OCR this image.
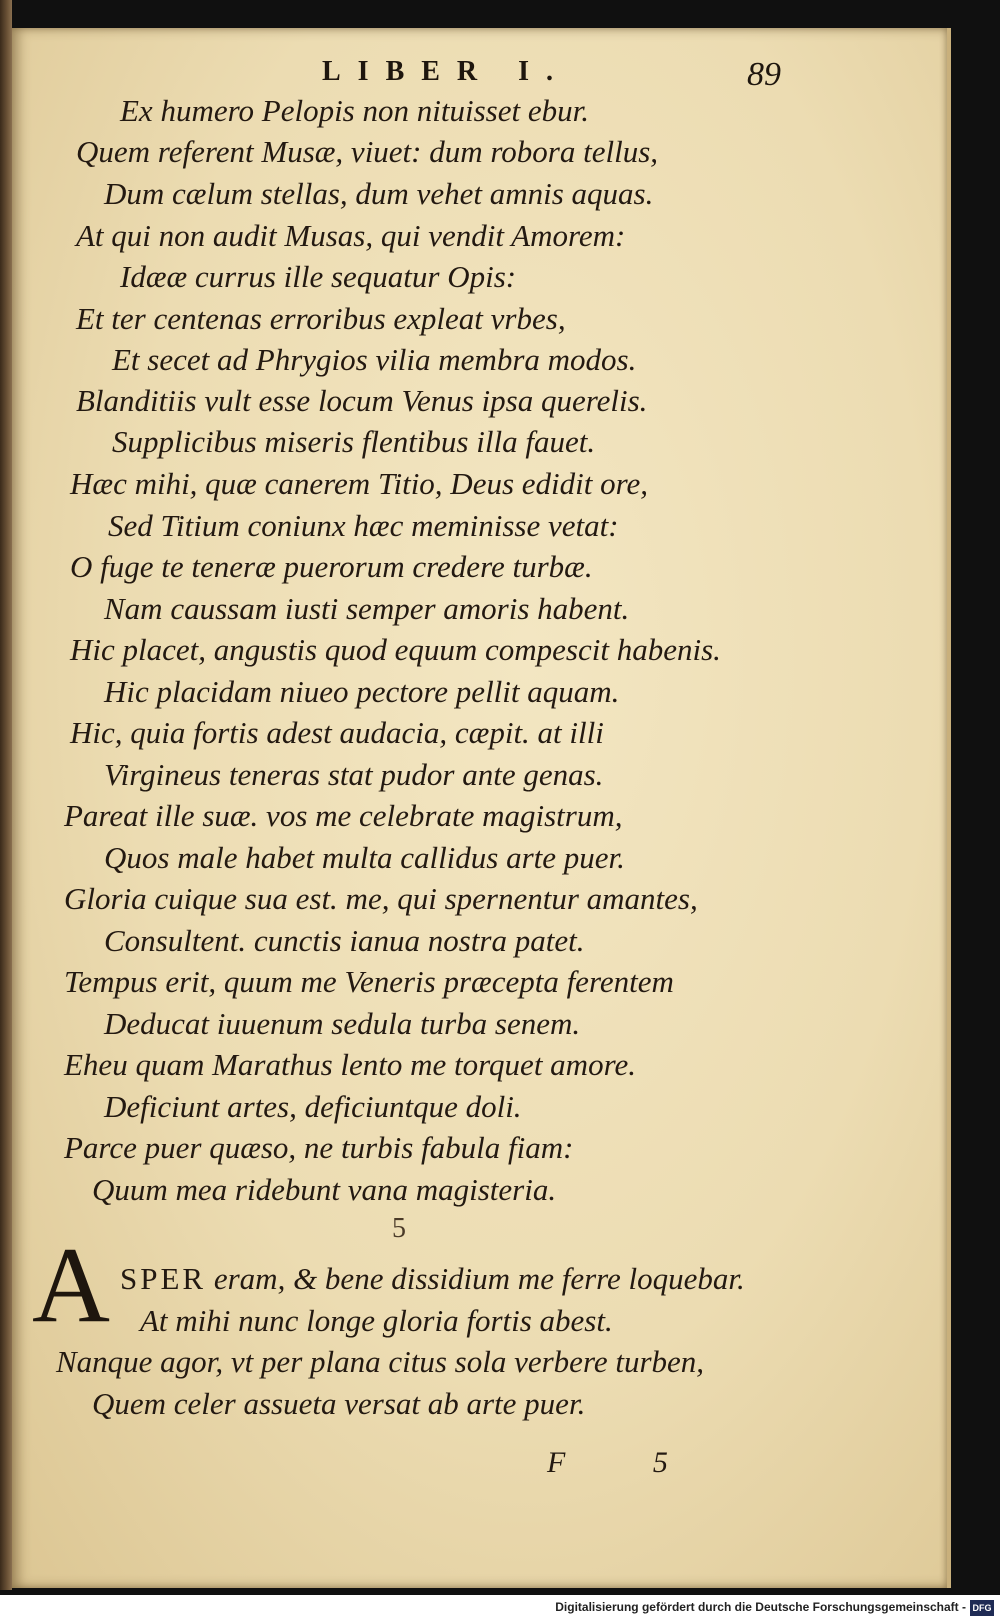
LIBER I.	89
Ex humero Pelopis non nituisset ebur.
Quem referent Musæ, viuet: dum robora tellus,
Dum cælum stellas, dum vehet amnis aquas.
At qui non audit Musas, qui vendit Amorem:
Idææ currus ille sequatur Opis:
Et ter centenas erroribus expleat vrbes,
Et secet ad Phrygios vilia membra modos.
Blanditiis vult esse locum Venus ipsa querelis.
Supplicibus miseris flentibus illa fauet.
Hæc mihi, quæ canerem Titio, Deus edidit ore,
Sed Titium coniunx hæc meminisse vetat:
O fuge te teneræ puerorum credere turbæ.
Nam caussam iusti semper amoris habent.
Hic placet, angustis quod equum compescit habenis.
Hic placidam niueo pectore pellit aquam.
Hic, quia fortis adest audacia, cæpit. at illi
Virgineus teneras stat pudor ante genas.
Pareat ille suæ. vos me celebrate magistrum,
Quos male habet multa callidus arte puer.
Gloria cuique sua est. me, qui spernentur amantes,
Consultent. cunctis ianua nostra patet.
Tempus erit, quum me Veneris præcepta ferentem
Deducat iuuenum sedula turba senem.
Eheu quam Marathus lento me torquet amore.
Deficiunt artes, deficiuntque doli.
Parce puer quæso, ne turbis fabula fiam:
Quum mea ridebunt vana magisteria.
5
A SPER eram, & bene dissidium me ferre loquebar.
At mihi nunc longe gloria fortis abest.
Nanque agor, vt per plana citus sola verbere turben,
Quem celer assueta versat ab arte puer.
F 5
Digitalisierung gefördert durch die Deutsche Forschungsgemeinschaft - DFG
